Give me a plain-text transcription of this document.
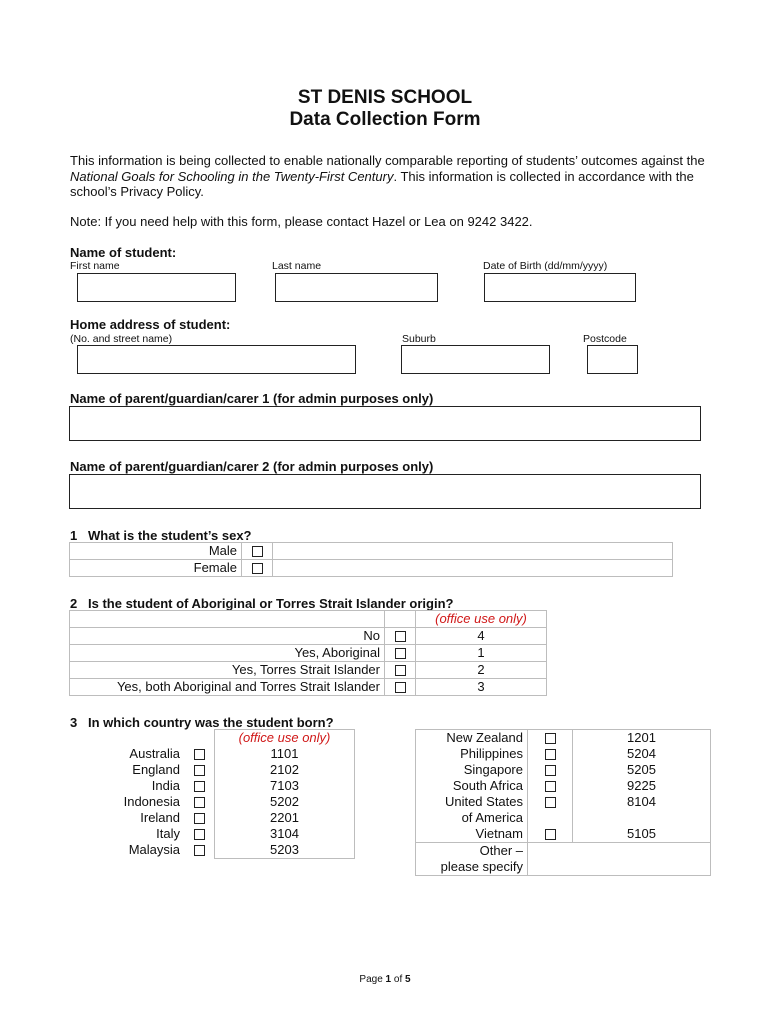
ST DENIS SCHOOL
Data Collection Form
This information is being collected to enable nationally comparable reporting of students’ outcomes against the National Goals for Schooling in the Twenty-First Century. This information is collected in accordance with the school’s Privacy Policy.
Note: If you need help with this form, please contact Hazel or Lea on 9242 3422.
Name of student:
First name	Last name	Date of Birth (dd/mm/yyyy)
Home address of student:
(No. and street name)	Suburb	Postcode
Name of parent/guardian/carer 1 (for admin purposes only)
Name of parent/guardian/carer 2 (for admin purposes only)
1 What is the student’s sex?
Male		
Female		
2 Is the student of Aboriginal or Torres Strait Islander origin?
		(office use only)
No		4
Yes, Aboriginal		1
Yes, Torres Strait Islander		2
Yes, both Aboriginal and Torres Strait Islander		3
3 In which country was the student born?
		(office use only)
Australia		1101
England		2102
India		7103
Indonesia		5202
Ireland		2201
Italy		3104
Malaysia		5203
New Zealand		1201
Philippines		5204
Singapore		5205
South Africa		9225
United States		8104
of America		
Vietnam		5105
Other –		
please specify		
Page 1 of 5
